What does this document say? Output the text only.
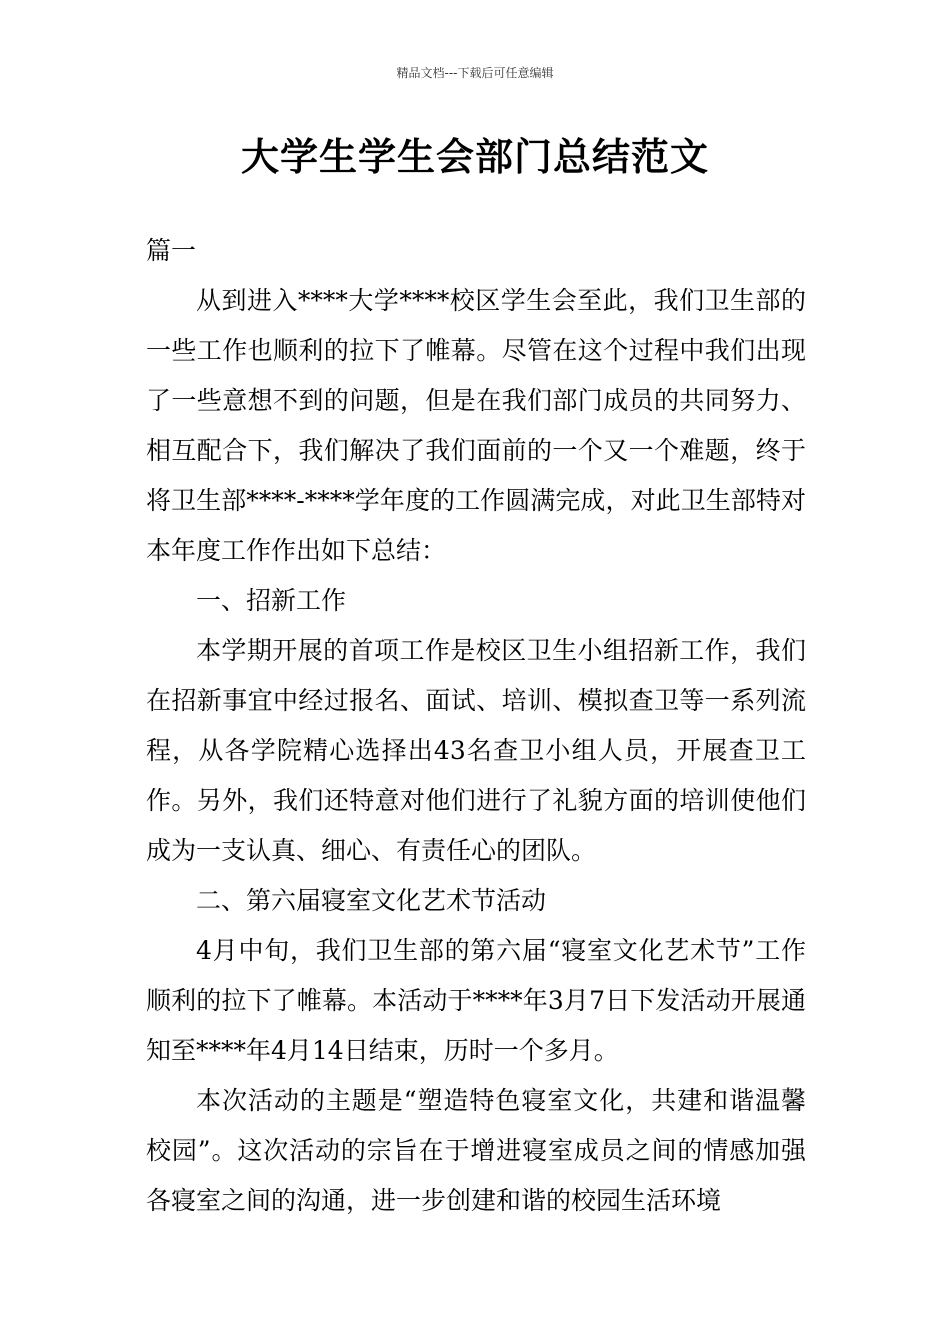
精品文档---下载后可任意编辑
大学生学生会部门总结范文

篇一

从到进入****大学****校区学生会至此，我们卫生部的一些工作也顺利的拉下了帷幕。尽管在这个过程中我们出现了一些意想不到的问题，但是在我们部门成员的共同努力、相互配合下，我们解决了我们面前的一个又一个难题，终于将卫生部****-****学年度的工作圆满完成，对此卫生部特对本年度工作作出如下总结：

一、招新工作

本学期开展的首项工作是校区卫生小组招新工作，我们在招新事宜中经过报名、面试、培训、模拟查卫等一系列流程，从各学院精心选择出43名查卫小组人员，开展查卫工作。另外，我们还特意对他们进行了礼貌方面的培训使他们成为一支认真、细心、有责任心的团队。

二、第六届寝室文化艺术节活动

4月中旬，我们卫生部的第六届“寝室文化艺术节”工作顺利的拉下了帷幕。本活动于****年3月7日下发活动开展通知至****年4月14日结束，历时一个多月。

本次活动的主题是“塑造特色寝室文化，共建和谐温馨校园”。这次活动的宗旨在于增进寝室成员之间的情感加强各寝室之间的沟通，进一步创建和谐的校园生活环境
